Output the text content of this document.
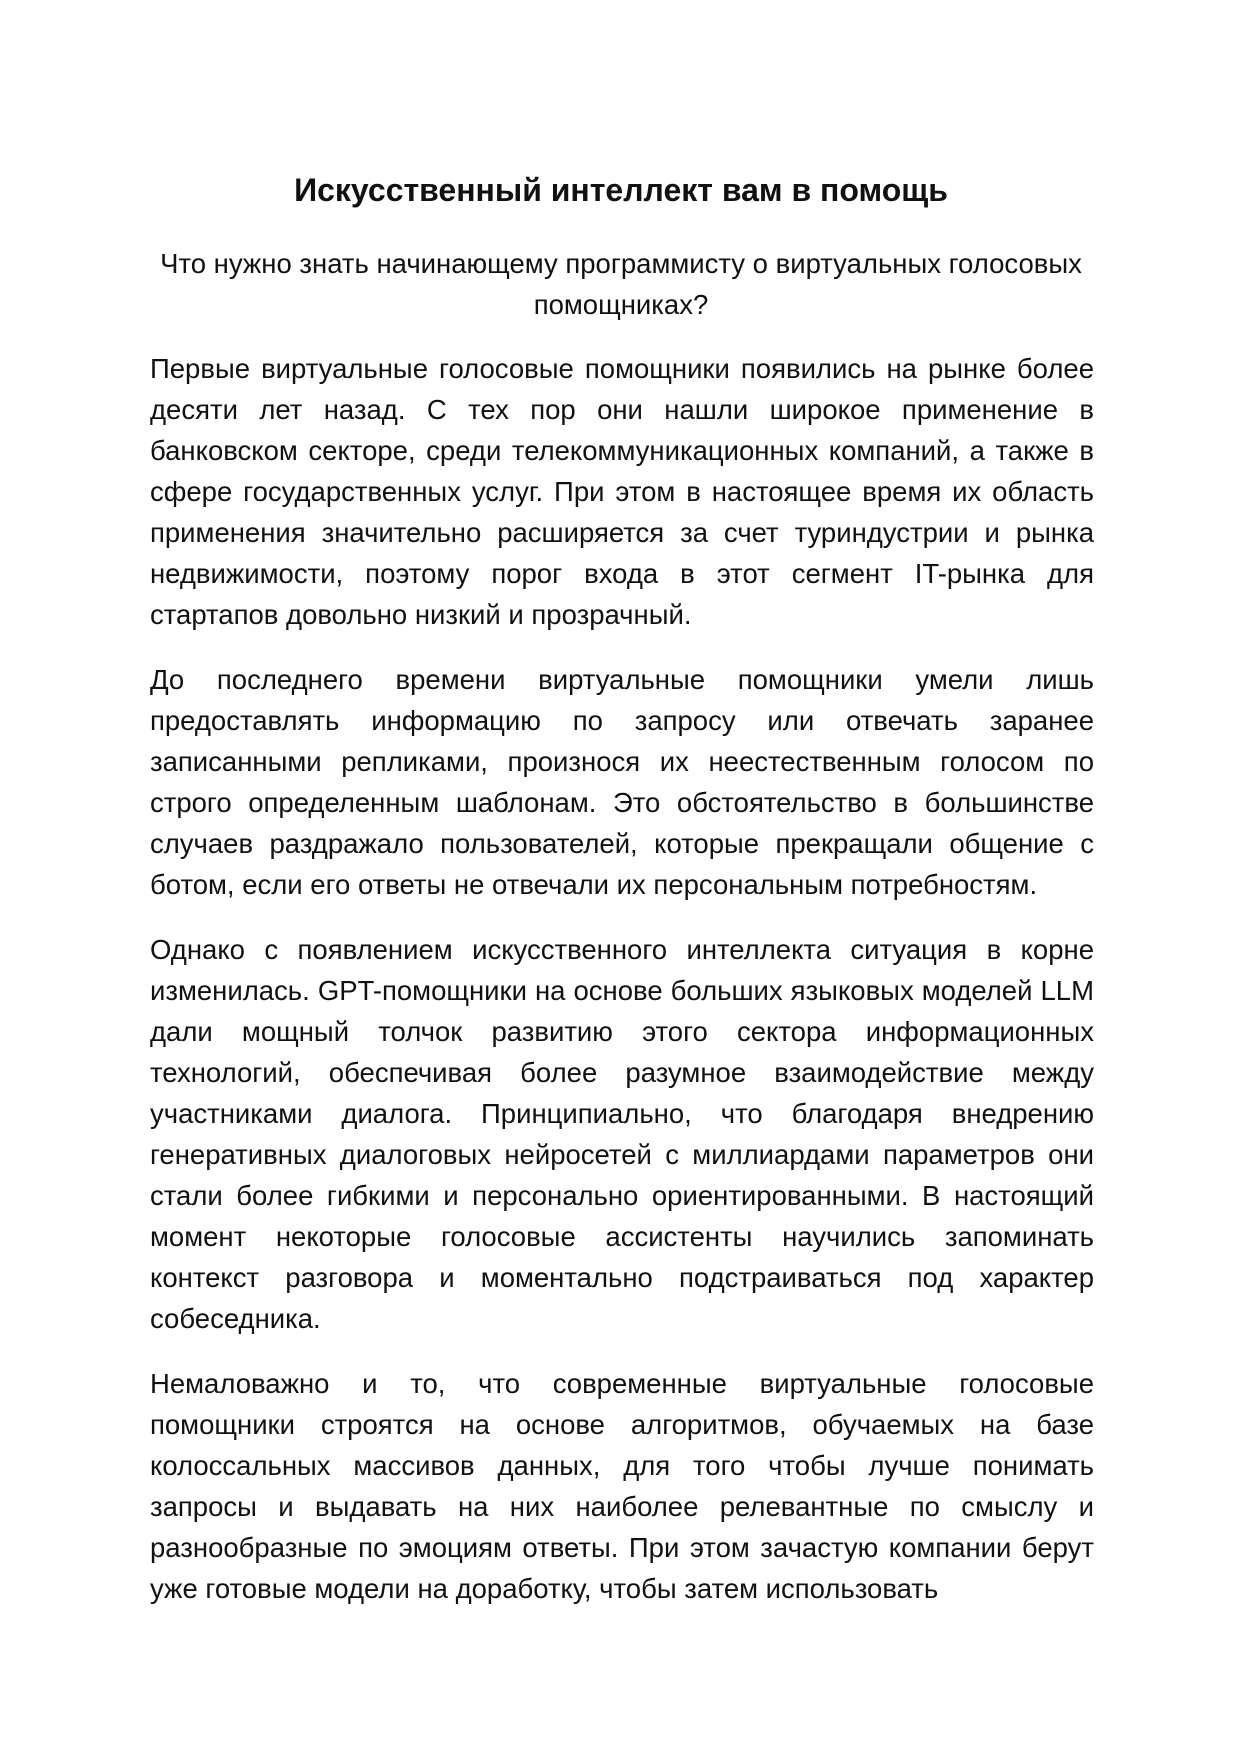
Искусственный интеллект вам в помощь

Что нужно знать начинающему программисту о виртуальных голосовых помощниках?

Первые виртуальные голосовые помощники появились на рынке более десяти лет назад. С тех пор они нашли широкое применение в банковском секторе, среди телекоммуникационных компаний, а также в сфере государственных услуг. При этом в настоящее время их область применения значительно расширяется за счет туриндустрии и рынка недвижимости, поэтому порог входа в этот сегмент IT-рынка для стартапов довольно низкий и прозрачный.

До последнего времени виртуальные помощники умели лишь предоставлять информацию по запросу или отвечать заранее записанными репликами, произнося их неестественным голосом по строго определенным шаблонам. Это обстоятельство в большинстве случаев раздражало пользователей, которые прекращали общение с ботом, если его ответы не отвечали их персональным потребностям.

Однако с появлением искусственного интеллекта ситуация в корне изменилась. GPT-помощники на основе больших языковых моделей LLM дали мощный толчок развитию этого сектора информационных технологий, обеспечивая более разумное взаимодействие между участниками диалога. Принципиально, что благодаря внедрению генеративных диалоговых нейросетей с миллиардами параметров они стали более гибкими и персонально ориентированными. В настоящий момент некоторые голосовые ассистенты научились запоминать контекст разговора и моментально подстраиваться под характер собеседника.

Немаловажно и то, что современные виртуальные голосовые помощники строятся на основе алгоритмов, обучаемых на базе колоссальных массивов данных, для того чтобы лучше понимать запросы и выдавать на них наиболее релевантные по смыслу и разнообразные по эмоциям ответы. При этом зачастую компании берут уже готовые модели на доработку, чтобы затем использовать
